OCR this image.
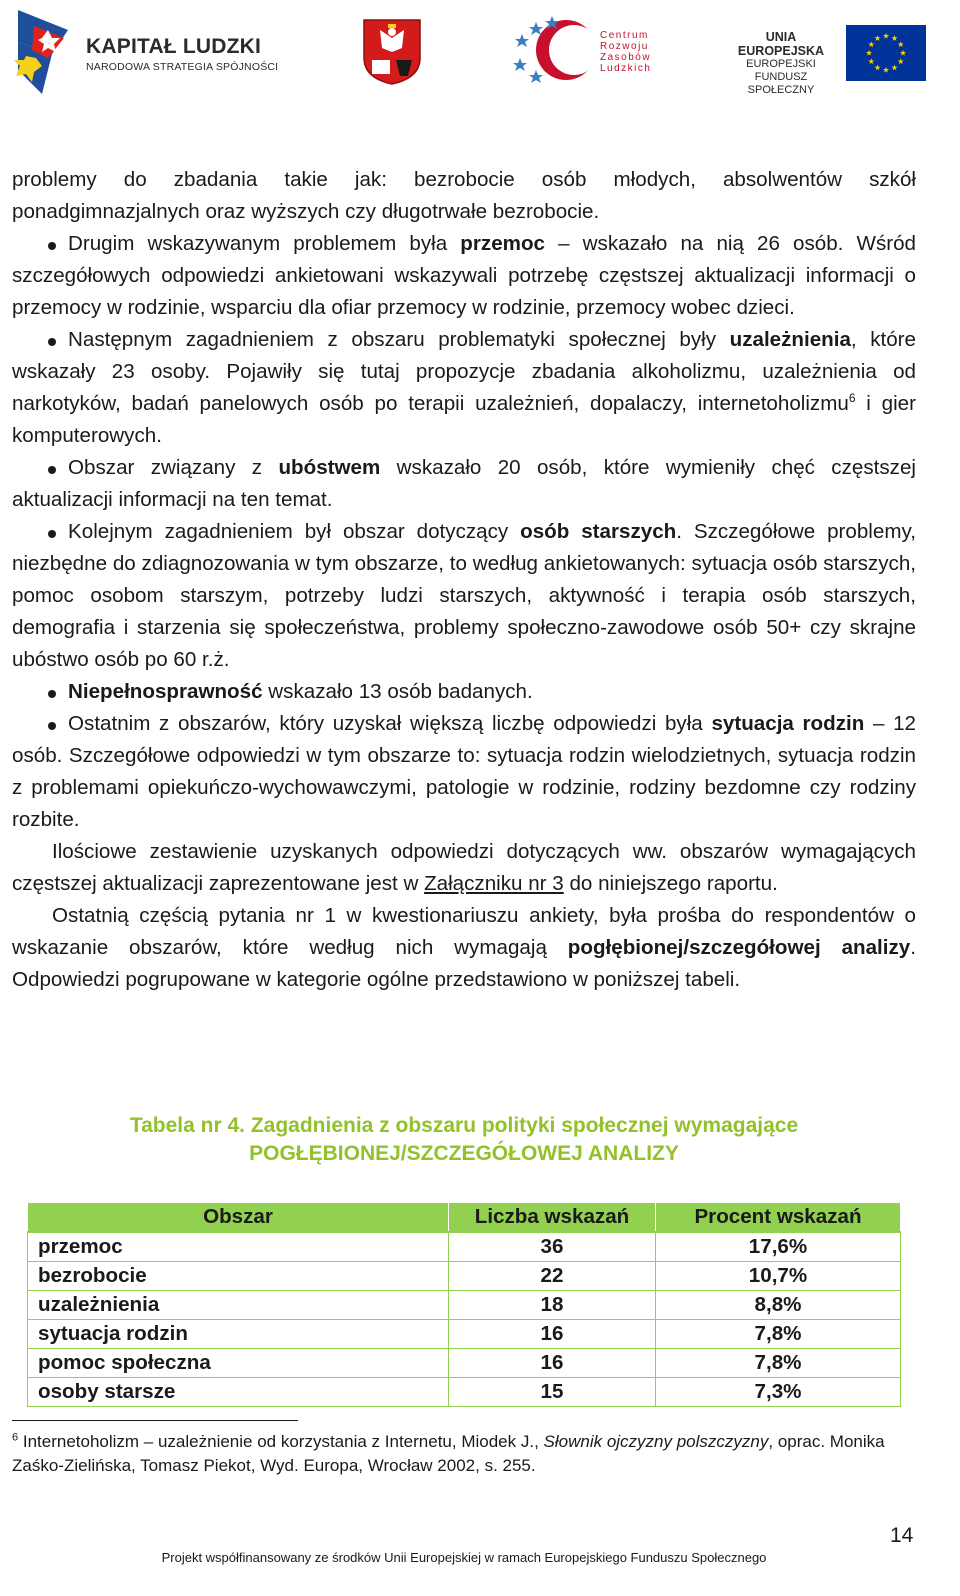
KAPITAŁ LUDZKI
NARODOWA STRATEGIA SPÓJNOŚCI
Centrum
Rozwoju
Zasobów
Ludzkich
UNIA EUROPEJSKA
EUROPEJSKI
FUNDUSZ SPOŁECZNY

problemy do zbadania takie jak: bezrobocie osób młodych, absolwentów szkół ponadgimnazjalnych oraz wyższych czy długotrwałe bezrobocie.

Drugim wskazywanym problemem była przemoc – wskazało na nią 26 osób. Wśród szczegółowych odpowiedzi ankietowani wskazywali potrzebę częstszej aktualizacji informacji o przemocy w rodzinie, wsparciu dla ofiar przemocy w rodzinie, przemocy wobec dzieci.

Następnym zagadnieniem z obszaru problematyki społecznej były uzależnienia, które wskazały 23 osoby. Pojawiły się tutaj propozycje zbadania alkoholizmu, uzależnienia od narkotyków, badań panelowych osób po terapii uzależnień, dopalaczy, internetoholizmu$^6$ i gier komputerowych.

Obszar związany z ubóstwem wskazało 20 osób, które wymieniły chęć częstszej aktualizacji informacji na ten temat.

Kolejnym zagadnieniem był obszar dotyczący osób starszych. Szczegółowe problemy, niezbędne do zdiagnozowania w tym obszarze, to według ankietowanych: sytuacja osób starszych, pomoc osobom starszym, potrzeby ludzi starszych, aktywność i terapia osób starszych, demografia i starzenia się społeczeństwa, problemy społeczno-zawodowe osób 50+ czy skrajne ubóstwo osób po 60 r.ż.

Niepełnosprawność wskazało 13 osób badanych.

Ostatnim z obszarów, który uzyskał większą liczbę odpowiedzi była sytuacja rodzin – 12 osób. Szczegółowe odpowiedzi w tym obszarze to: sytuacja rodzin wielodzietnych, sytuacja rodzin z problemami opiekuńczo-wychowawczymi, patologie w rodzinie, rodziny bezdomne czy rodziny rozbite.

Ilościowe zestawienie uzyskanych odpowiedzi dotyczących ww. obszarów wymagających częstszej aktualizacji zaprezentowane jest w Załączniku nr 3 do niniejszego raportu.

Ostatnią częścią pytania nr 1 w kwestionariuszu ankiety, była prośba do respondentów o wskazanie obszarów, które według nich wymagają pogłębionej/szczegółowej analizy. Odpowiedzi pogrupowane w kategorie ogólne przedstawiono w poniższej tabeli.

Tabela nr 4. Zagadnienia z obszaru polityki społecznej wymagające
POGŁĘBIONEJ/SZCZEGÓŁOWEJ ANALIZY
Obszar	Liczba wskazań	Procent wskazań
przemoc	36	17,6%
bezrobocie	22	10,7%
uzależnienia	18	8,8%
sytuacja rodzin	16	7,8%
pomoc społeczna	16	7,8%
osoby starsze	15	7,3%
$^6$ Internetoholizm – uzależnienie od korzystania z Internetu, Miodek J., Słownik ojczyzny polszczyzny, oprac. Monika Zaśko-Zielińska, Tomasz Piekot, Wyd. Europa, Wrocław 2002, s. 255.
14
Projekt współfinansowany ze środków Unii Europejskiej w ramach Europejskiego Funduszu Społecznego
